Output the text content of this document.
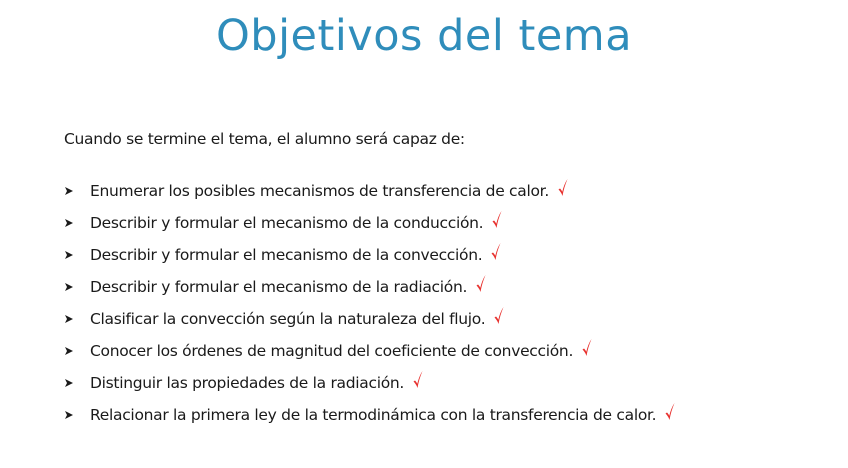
Objetivos del tema

Cuando se termine el tema, el alumno será capaz de:

Enumerar los posibles mecanismos de transferencia de calor.
Describir y formular el mecanismo de la conducción.
Describir y formular el mecanismo de la convección.
Describir y formular el mecanismo de la radiación.
Clasificar la convección según la naturaleza del flujo.
Conocer los órdenes de magnitud del coeficiente de convección.
Distinguir las propiedades de la radiación.
Relacionar la primera ley de la termodinámica con la transferencia de calor.
